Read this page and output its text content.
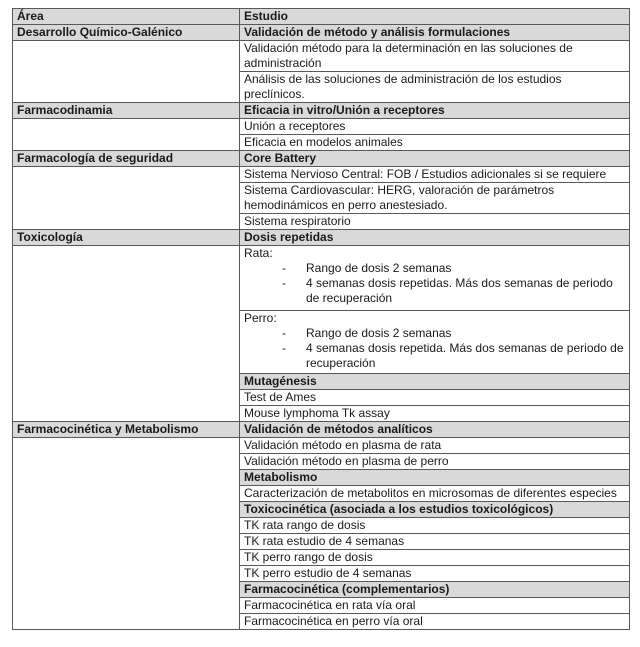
Área	Estudio
Desarrollo Químico-Galénico	Validación de método y análisis formulaciones
	Validación método para la determinación en las soluciones de administración
	Análisis de las soluciones de administración de los estudios preclínicos.
Farmacodinamia	Eficacia in vitro/Unión a receptores
	Unión a receptores
	Eficacia en modelos animales
Farmacología de seguridad	Core Battery
	Sistema Nervioso Central: FOB / Estudios adicionales si se requiere
	Sistema Cardiovascular: HERG, valoración de parámetros hemodinámicos en perro anestesiado.
	Sistema respiratorio
Toxicología	Dosis repetidas

	Rata:
- Rango de dosis 2 semanas
- 4 semanas dosis repetidas. Más dos semanas de periodo de recuperación

	Perro:
- Rango de dosis 2 semanas
- 4 semanas dosis repetida. Más dos semanas de periodo de recuperación

	Mutagénesis
	Test de Ames
	Mouse lymphoma Tk assay
Farmacocinética y Metabolismo	Validación de métodos analíticos
	Validación método en plasma de rata
	Validación método en plasma de perro
	Metabolismo
	Caracterización de metabolitos en microsomas de diferentes especies
	Toxicocinética (asociada a los estudios toxicológicos)
	TK rata rango de dosis
	TK rata estudio de 4 semanas
	TK perro rango de dosis
	TK perro estudio de 4 semanas
	Farmacocinética (complementarios)
	Farmacocinética en rata vía oral
	Farmacocinética en perro vía oral
